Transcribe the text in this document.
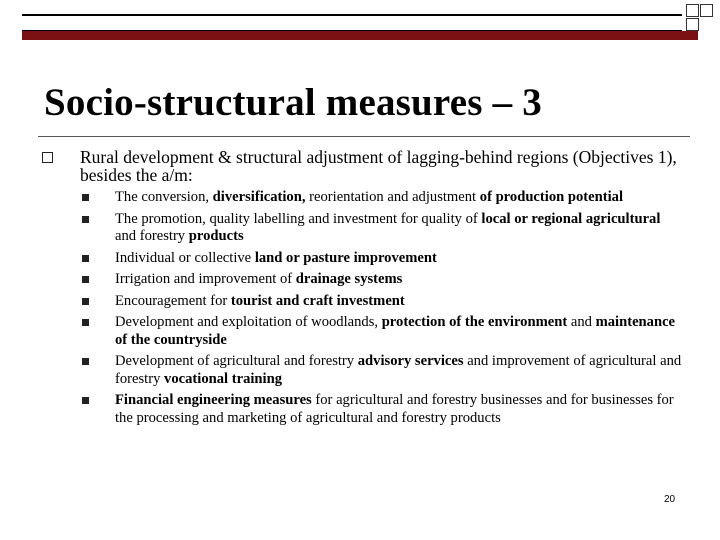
Socio-structural measures – 3
Rural development & structural adjustment of lagging-behind regions (Objectives 1), besides the a/m:
The conversion, diversification, reorientation and adjustment of production potential
The promotion, quality labelling and investment for quality of local or regional agricultural and forestry products
Individual or collective land or pasture improvement
Irrigation and improvement of drainage systems
Encouragement for tourist and craft investment
Development and exploitation of woodlands, protection of the environment and maintenance of the countryside
Development of agricultural and forestry advisory services and improvement of agricultural and forestry vocational training
Financial engineering measures for agricultural and forestry businesses and for businesses for the processing and marketing of agricultural and forestry products
20
